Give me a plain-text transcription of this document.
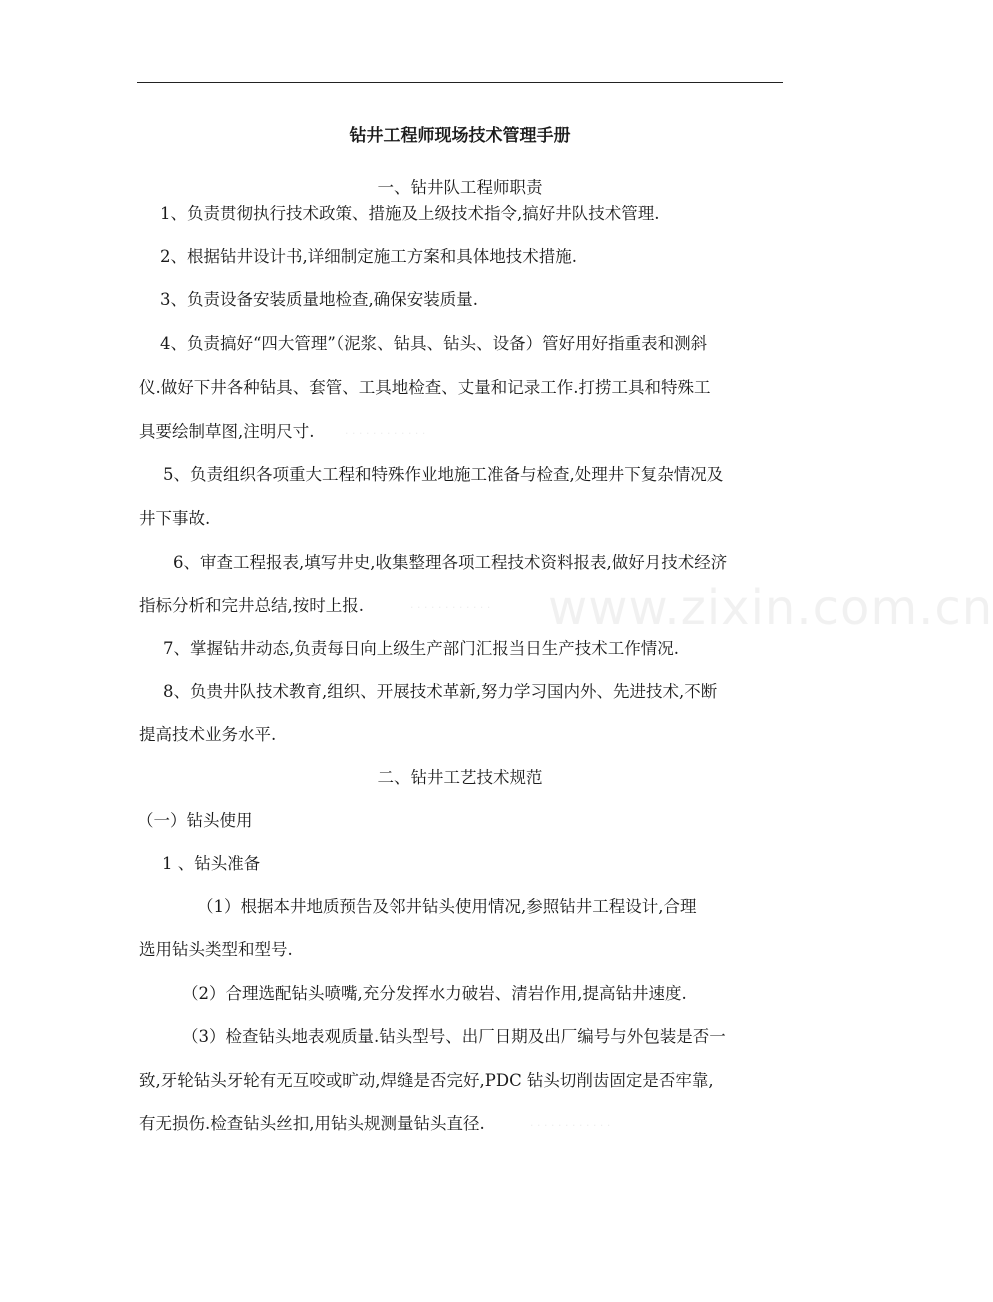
钻井工程师现场技术管理手册
一、钻井队工程师职责
1、负责贯彻执行技术政策、措施及上级技术指令,搞好井队技术管理.
2、根据钻井设计书,详细制定施工方案和具体地技术措施.
3、负责设备安装质量地检查,确保安装质量.
4、负责搞好“四大管理”（泥浆、钻具、钻头、设备）管好用好指重表和测斜
仪.做好下井各种钻具、套管、工具地检查、丈量和记录工作.打捞工具和特殊工
具要绘制草图,注明尺寸.	· · · · · · · · · · · ·
5、负责组织各项重大工程和特殊作业地施工准备与检查,处理井下复杂情况及
井下事故.
6、审查工程报表,填写井史,收集整理各项工程技术资料报表,做好月技术经济
指标分析和完井总结,按时上报.	· · · · · · · · · · · ·
7、掌握钻井动态,负责每日向上级生产部门汇报当日生产技术工作情况.
8、负贵井队技术教育,组织、开展技术革新,努力学习国内外、先进技术,不断
提高技术业务水平.
二、钻井工艺技术规范
（一）钻头使用
1 、钻头准备
（1）根据本井地质预告及邻井钻头使用情况,参照钻井工程设计,合理
选用钻头类型和型号.
（2）合理选配钻头喷嘴,充分发挥水力破岩、清岩作用,提高钻井速度.
（3）检查钻头地表观质量.钻头型号、出厂日期及出厂编号与外包装是否一
致,牙轮钻头牙轮有无互咬或旷动,焊缝是否完好,PDC 钻头切削齿固定是否牢靠,
有无损伤.检查钻头丝扣,用钻头规测量钻头直径.	· · · · · · · · · · · ·
www.zixin.com.cn
